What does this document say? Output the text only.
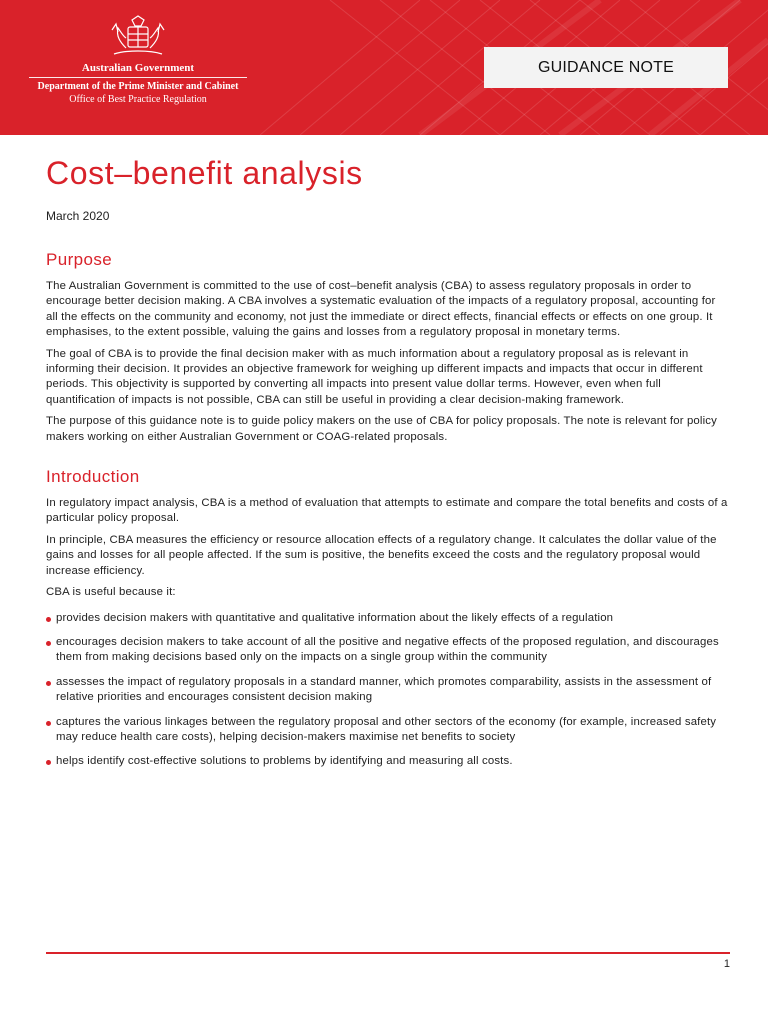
Australian Government
Department of the Prime Minister and Cabinet
Office of Best Practice Regulation
GUIDANCE NOTE
Cost–benefit analysis
March 2020
Purpose

The Australian Government is committed to the use of cost–benefit analysis (CBA) to assess regulatory proposals in order to encourage better decision making. A CBA involves a systematic evaluation of the impacts of a regulatory proposal, accounting for all the effects on the community and economy, not just the immediate or direct effects, financial effects or effects on one group. It emphasises, to the extent possible, valuing the gains and losses from a regulatory proposal in monetary terms.

The goal of CBA is to provide the final decision maker with as much information about a regulatory proposal as is relevant in informing their decision. It provides an objective framework for weighing up different impacts and impacts that occur in different periods. This objectivity is supported by converting all impacts into present value dollar terms. However, even when full quantification of impacts is not possible, CBA can still be useful in providing a clear decision-making framework.

The purpose of this guidance note is to guide policy makers on the use of CBA for policy proposals. The note is relevant for policy makers working on either Australian Government or COAG-related proposals.

Introduction

In regulatory impact analysis, CBA is a method of evaluation that attempts to estimate and compare the total benefits and costs of a particular policy proposal.

In principle, CBA measures the efficiency or resource allocation effects of a regulatory change. It calculates the dollar value of the gains and losses for all people affected. If the sum is positive, the benefits exceed the costs and the regulatory proposal would increase efficiency.

CBA is useful because it:

provides decision makers with quantitative and qualitative information about the likely effects of a regulation
encourages decision makers to take account of all the positive and negative effects of the proposed regulation, and discourages them from making decisions based only on the impacts on a single group within the community
assesses the impact of regulatory proposals in a standard manner, which promotes comparability, assists in the assessment of relative priorities and encourages consistent decision making
captures the various linkages between the regulatory proposal and other sectors of the economy (for example, increased safety may reduce health care costs), helping decision-makers maximise net benefits to society
helps identify cost-effective solutions to problems by identifying and measuring all costs.
1
